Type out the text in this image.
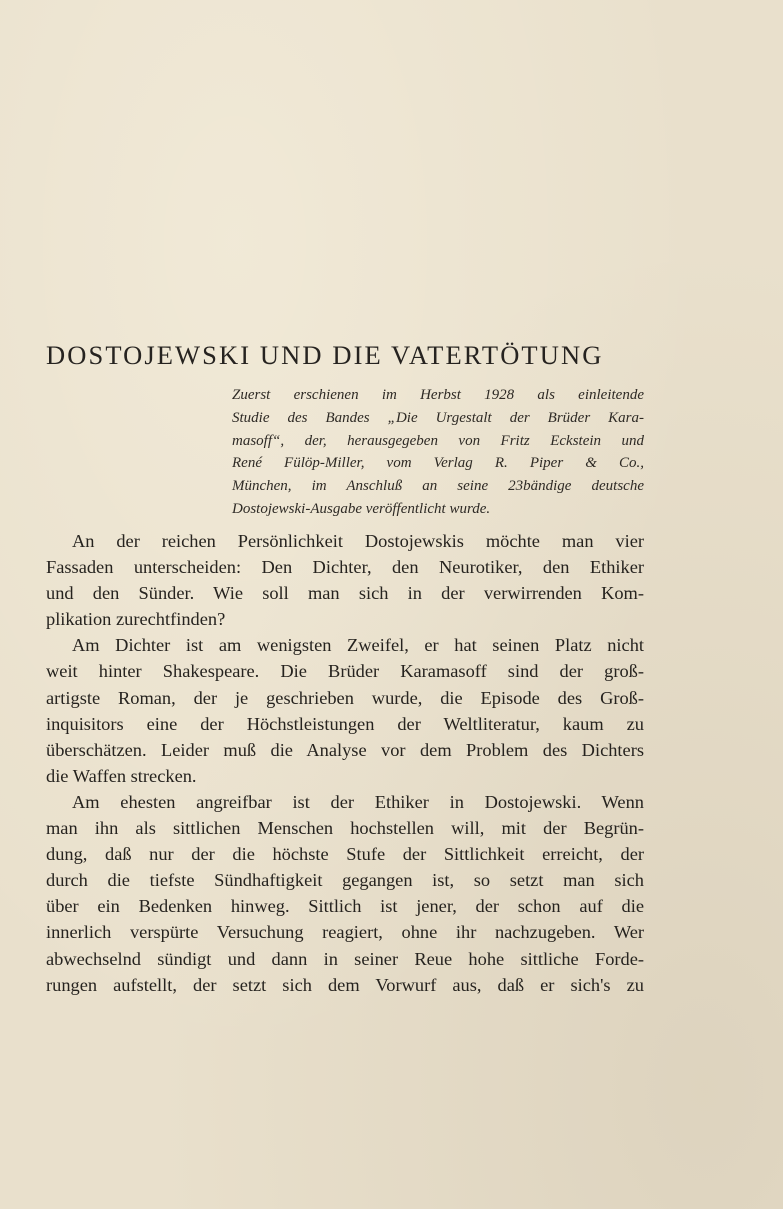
DOSTOJEWSKI UND DIE VATERTÖTUNG
Zuerst erschienen im Herbst 1928 als einleitende
Studie des Bandes „Die Urgestalt der Brüder Kara-
masoff“, der, herausgegeben von Fritz Eckstein und
René Fülöp-Miller, vom Verlag R. Piper & Co.,
München, im Anschluß an seine 23bändige deutsche
Dostojewski-Ausgabe veröffentlicht wurde.
An der reichen Persönlichkeit Dostojewskis möchte man vier
Fassaden unterscheiden: Den Dichter, den Neurotiker, den Ethiker
und den Sünder. Wie soll man sich in der verwirrenden Kom-
plikation zurechtfinden?
Am Dichter ist am wenigsten Zweifel, er hat seinen Platz nicht
weit hinter Shakespeare. Die Brüder Karamasoff sind der groß-
artigste Roman, der je geschrieben wurde, die Episode des Groß-
inquisitors eine der Höchstleistungen der Weltliteratur, kaum zu
überschätzen. Leider muß die Analyse vor dem Problem des Dichters
die Waffen strecken.
Am ehesten angreifbar ist der Ethiker in Dostojewski. Wenn
man ihn als sittlichen Menschen hochstellen will, mit der Begrün-
dung, daß nur der die höchste Stufe der Sittlichkeit erreicht, der
durch die tiefste Sündhaftigkeit gegangen ist, so setzt man sich
über ein Bedenken hinweg. Sittlich ist jener, der schon auf die
innerlich verspürte Versuchung reagiert, ohne ihr nachzugeben. Wer
abwechselnd sündigt und dann in seiner Reue hohe sittliche Forde-
rungen aufstellt, der setzt sich dem Vorwurf aus, daß er sich's zu
